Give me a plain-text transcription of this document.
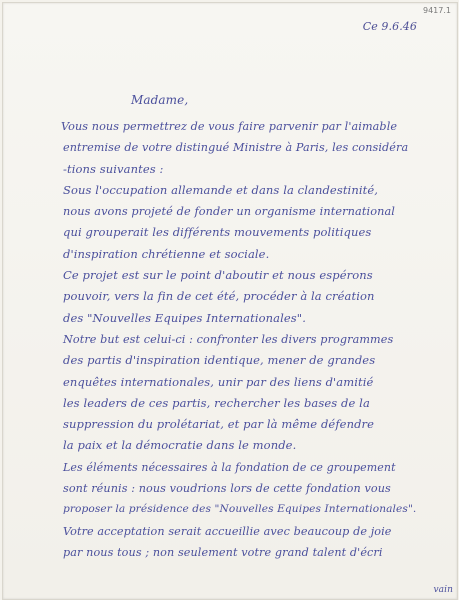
9417.1
Ce 9.6.46
Madame,
Vous nous permettrez de vous faire parvenir par l'aimable
entremise de votre distingué Ministre à Paris, les considéra
-tions suivantes :
Sous l'occupation allemande et dans la clandestinité,
nous avons projeté de fonder un organisme international
qui grouperait les différents mouvements politiques
d'inspiration chrétienne et sociale.
Ce projet est sur le point d'aboutir et nous espérons
pouvoir, vers la fin de cet été, procéder à la création
des "Nouvelles Equipes Internationales".
Notre but est celui-ci : confronter les divers programmes
des partis d'inspiration identique, mener de grandes
enquêtes internationales, unir par des liens d'amitié
les leaders de ces partis, rechercher les bases de la
suppression du prolétariat, et par là même défendre
la paix et la démocratie dans le monde.
Les éléments nécessaires à la fondation de ce groupement
sont réunis : nous voudrions lors de cette fondation vous
proposer la présidence des "Nouvelles Equipes Internationales".
Votre acceptation serait accueillie avec beaucoup de joie
par nous tous ; non seulement votre grand talent d'écri
vain
